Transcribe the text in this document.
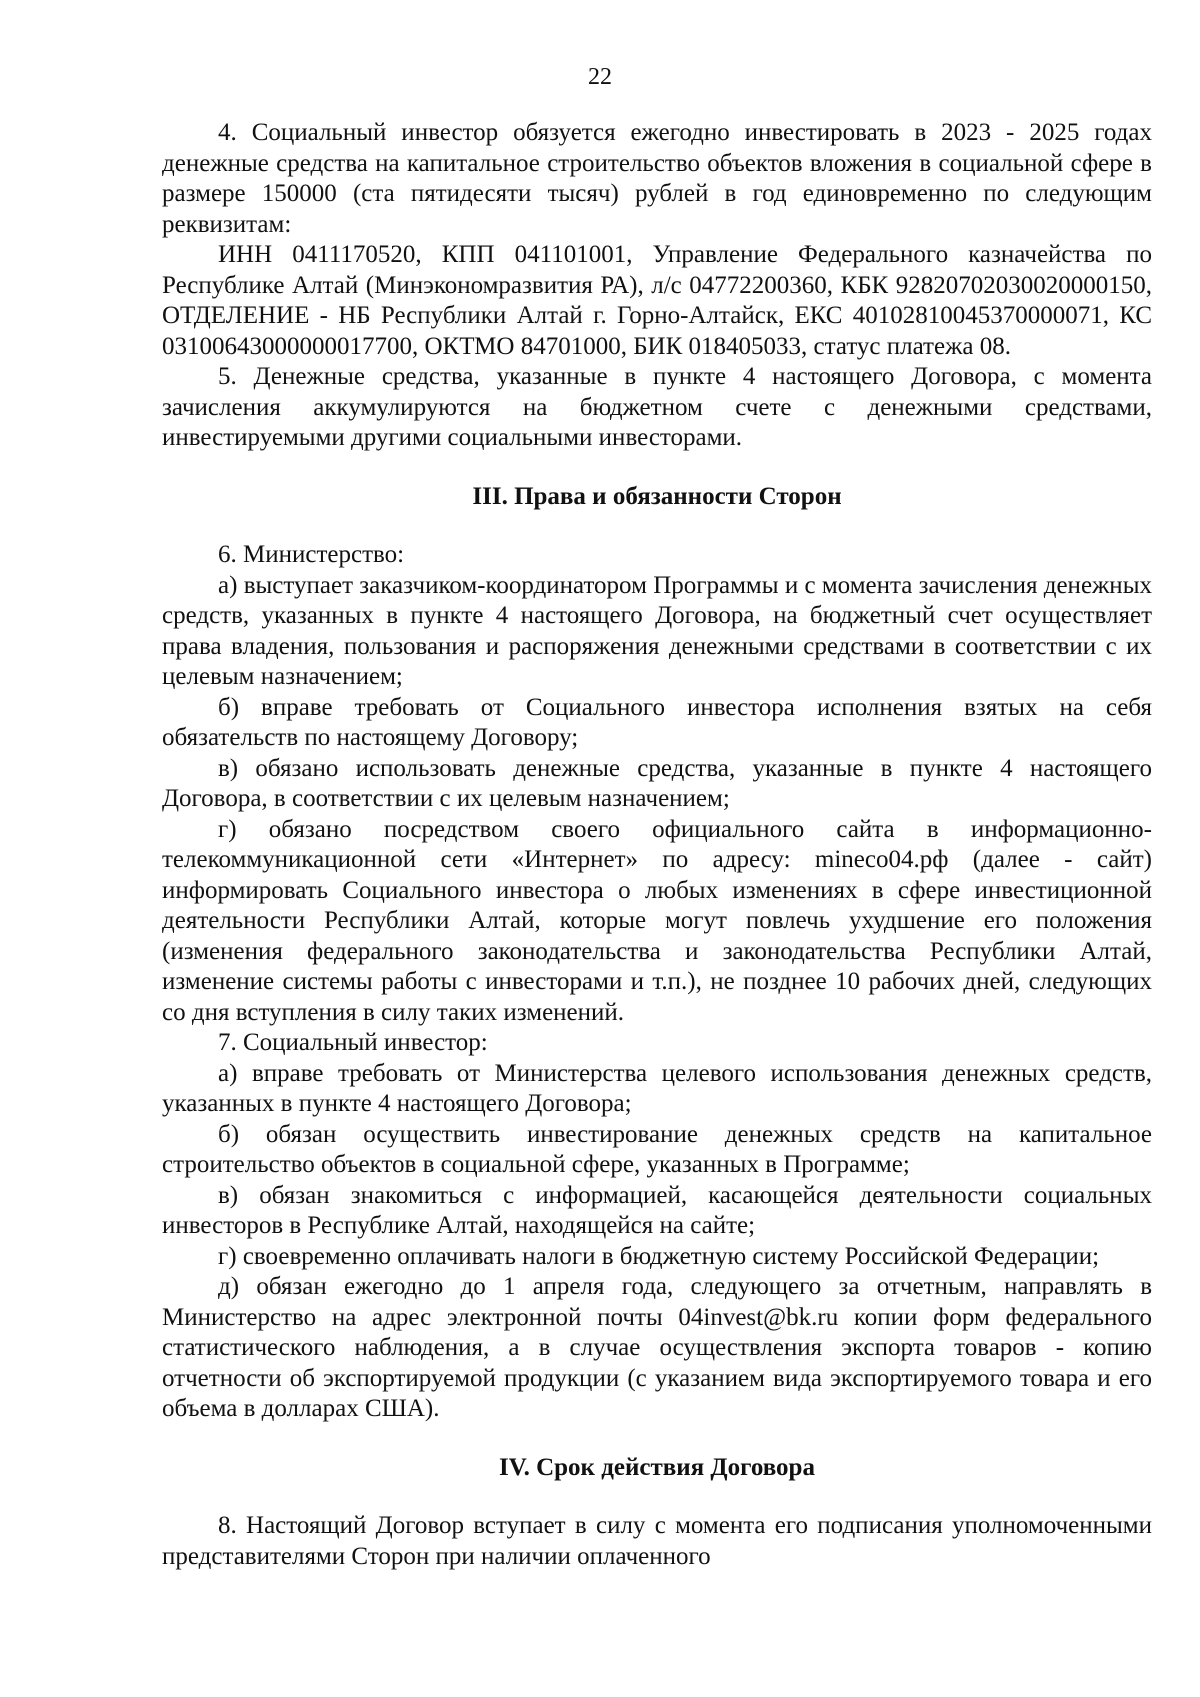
22

4. Социальный инвестор обязуется ежегодно инвестировать в 2023 - 2025 годах денежные средства на капитальное строительство объектов вложения в социальной сфере в размере 150000 (ста пятидесяти тысяч) рублей в год единовременно по следующим реквизитам:

ИНН 0411170520, КПП 041101001, Управление Федерального казначейства по Республике Алтай (Минэкономразвития РА), л/с 04772200360, КБК 92820702030020000150, ОТДЕЛЕНИЕ - НБ Республики Алтай г. Горно-Алтайск, ЕКС 40102810045370000071, КС 03100643000000017700, ОКТМО 84701000, БИК 018405033, статус платежа 08.

5. Денежные средства, указанные в пункте 4 настоящего Договора, с момента зачисления аккумулируются на бюджетном счете с денежными средствами, инвестируемыми другими социальными инвесторами.

III. Права и обязанности Сторон

6. Министерство:

а) выступает заказчиком-координатором Программы и с момента зачисления денежных средств, указанных в пункте 4 настоящего Договора, на бюджетный счет осуществляет права владения, пользования и распоряжения денежными средствами в соответствии с их целевым назначением;

б) вправе требовать от Социального инвестора исполнения взятых на себя обязательств по настоящему Договору;

в) обязано использовать денежные средства, указанные в пункте 4 настоящего Договора, в соответствии с их целевым назначением;

г) обязано посредством своего официального сайта в информационно-телекоммуникационной сети «Интернет» по адресу: mineco04.рф (далее - сайт) информировать Социального инвестора о любых изменениях в сфере инвестиционной деятельности Республики Алтай, которые могут повлечь ухудшение его положения (изменения федерального законодательства и законодательства Республики Алтай, изменение системы работы с инвесторами и т.п.), не позднее 10 рабочих дней, следующих со дня вступления в силу таких изменений.

7. Социальный инвестор:

а) вправе требовать от Министерства целевого использования денежных средств, указанных в пункте 4 настоящего Договора;

б) обязан осуществить инвестирование денежных средств на капитальное строительство объектов в социальной сфере, указанных в Программе;

в) обязан знакомиться с информацией, касающейся деятельности социальных инвесторов в Республике Алтай, находящейся на сайте;

г) своевременно оплачивать налоги в бюджетную систему Российской Федерации;

д) обязан ежегодно до 1 апреля года, следующего за отчетным, направлять в Министерство на адрес электронной почты 04invest@bk.ru копии форм федерального статистического наблюдения, а в случае осуществления экспорта товаров - копию отчетности об экспортируемой продукции (с указанием вида экспортируемого товара и его объема в долларах США).

IV. Срок действия Договора

8. Настоящий Договор вступает в силу с момента его подписания уполномоченными представителями Сторон при наличии оплаченного
